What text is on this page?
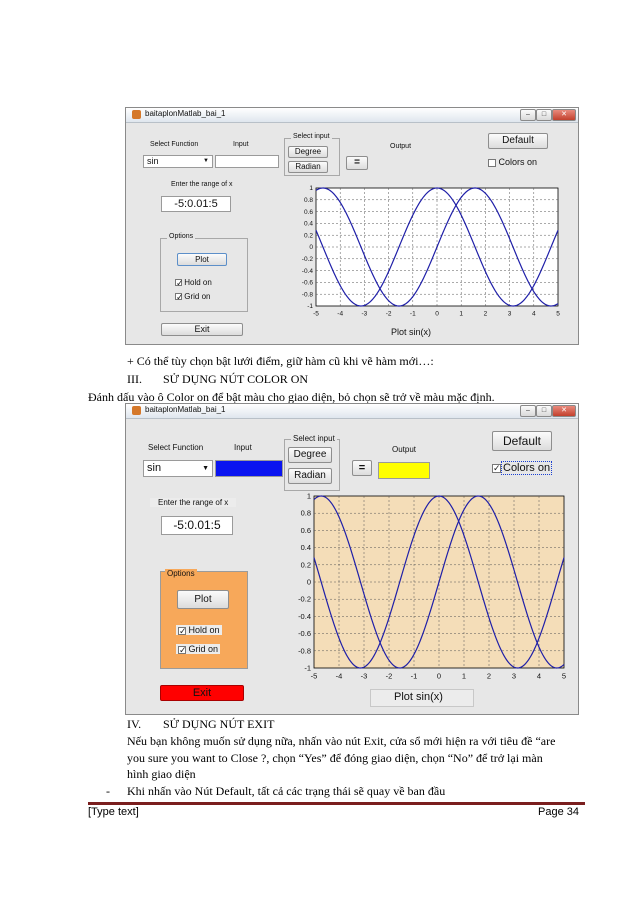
baitaplonMatlab_bai_1	–	□	✕
Select Function	Input
sin	▼
Select input
Degree
Radian	=
Output
Default
Colors on
Enter the range of x
-5:0.01:5
Options
Plot
✓ Hold on
✓ Grid on
Exit
-5	-4	-3	-2	-1	0	1	2	3	4	5
1
0.8
0.6
0.4
0.2
0
-0.2
-0.4
-0.6
-0.8
-1
Plot sin(x)
+ Có thể tùy chọn bật lưới điểm, giữ hàm cũ khi vẽ hàm mới…:
III. SỬ DỤNG NÚT COLOR ON
Đánh dấu vào ô Color on để bật màu cho giao diện, bỏ chọn sẽ trở về màu mặc định.
baitaplonMatlab_bai_1	–	□	✕
Select Function	Input
sin	▼
Select input
Degree
Radian
=
Output
Default
✓Colors on
Enter the range of x
-5:0.01:5
Options
Plot
✓ Hold on
✓ Grid on
Exit
-5 -4 -3 -2 -1	0	1	2	3	4	5
1
0.8
0.6
0.4
0.2
0
-0.2
-0.4
-0.6
-0.8
-1
Plot sin(x)
IV. SỬ DỤNG NÚT EXIT
Nếu bạn không muốn sử dụng nữa, nhấn vào nút Exit, cửa sổ mới hiện ra với tiêu đề “are
you sure you want to Close ?, chọn “Yes” để đóng giao diện, chọn “No” để trở lại màn
hình giao diện
- Khi nhấn vào Nút Default, tất cả các trạng thái sẽ quay về ban đầu
[Type text]	Page 34
